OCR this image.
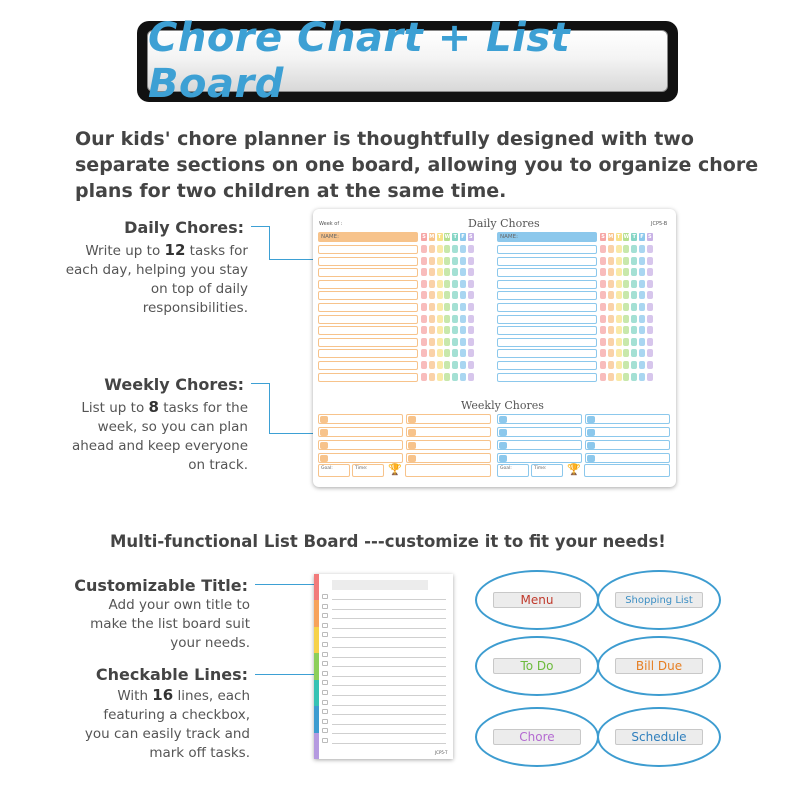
Chore Chart + List Board
Our kids' chore planner is thoughtfully designed with two separate sections on one board, allowing you to organize chore plans for two children at the same time.
Daily Chores:
Write up to 12 tasks for each day, helping you stay on top of daily responsibilities.
Weekly Chores:
List up to 8 tasks for the week, so you can plan ahead and keep everyone on track.
Week of :	Daily Chores	JCP5-B
Weekly Chores
NAME:	S M T W T F S
Goal:	Time:	🏆
NAME:	S M T W T F S
Goal:	Time:	🏆
Multi-functional List Board ---customize it to fit your needs!
Customizable Title:
Add your own title to make the list board suit your needs.
Checkable Lines:
With 16 lines, each featuring a checkbox, you can easily track and mark off tasks.	JCP5-T
Menu	Shopping List
To Do	Bill Due
Chore	Schedule
